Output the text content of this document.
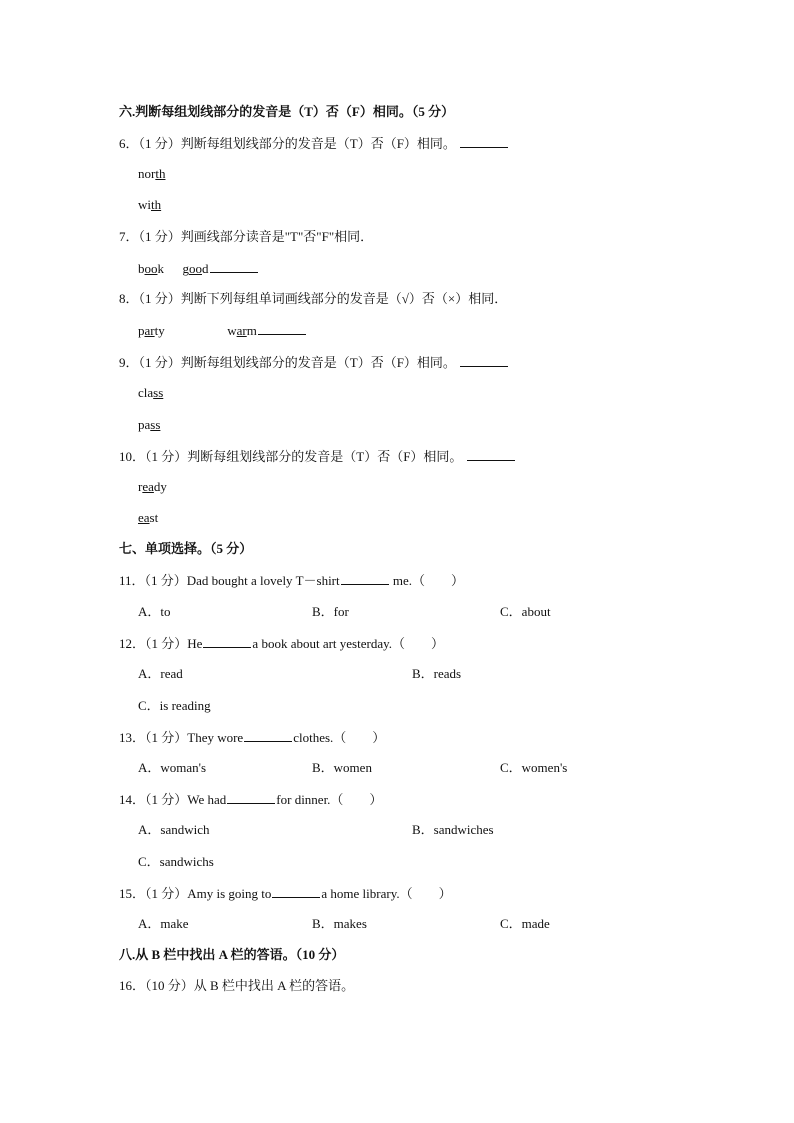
六.判断每组划线部分的发音是（T）否（F）相同。（5 分）
6．（1 分）判断每组划线部分的发音是（T）否（F）相同。
north
with
7．（1 分）判画线部分读音是"T"否"F"相同．
book good
8．（1 分）判断下列每组单词画线部分的发音是（√）否（×）相同．
party	warm
9．（1 分）判断每组划线部分的发音是（T）否（F）相同。
class
pass
10．（1 分）判断每组划线部分的发音是（T）否（F）相同。
ready
east
七、单项选择。（5 分）
11．（1 分）Dad bought a lovely T－shirt	me.（　　）
A．to	B．for	C．about
12．（1 分）He	a book about art yesterday.（　　）
A．read	B．reads
C．is reading
13．（1 分）They wore	clothes.（　　）
A．woman's	B．women	C．women's
14．（1 分）We had	for dinner.（　　）
A．sandwich	B．sandwiches
C．sandwichs
15．（1 分）Amy is going to	a home library.（　　）
A．make	B．makes	C．made
八.从 B 栏中找出 A 栏的答语。（10 分）
16．（10 分）从 B 栏中找出 A 栏的答语。
